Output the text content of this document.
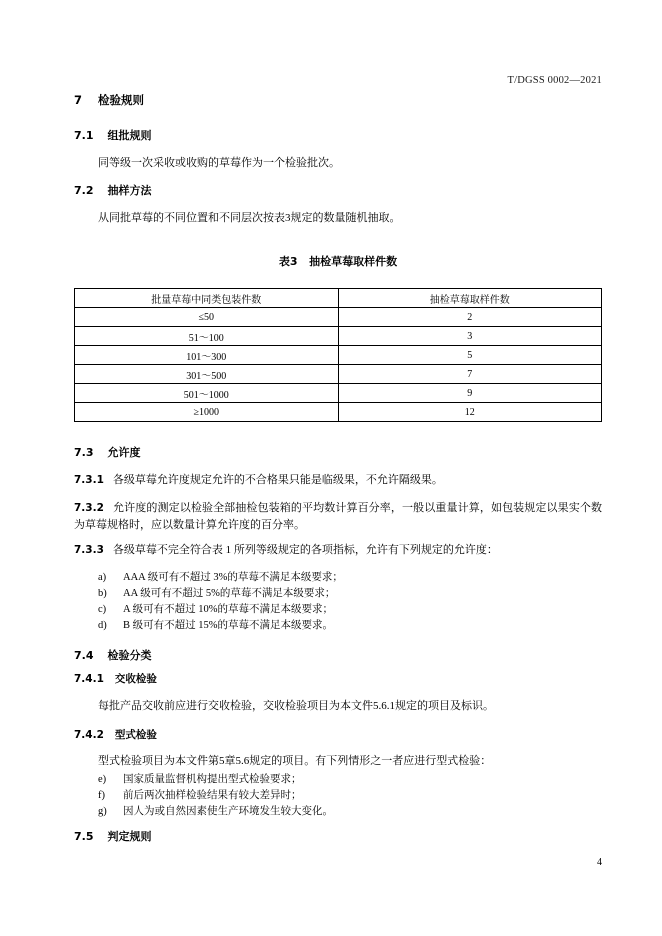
T/DGSS 0002—2021
7 检验规则
7.1 组批规则

同等级一次采收或收购的草莓作为一个检验批次。

7.2 抽样方法

从同批草莓的不同位置和不同层次按表3规定的数量随机抽取。

表3   抽检草莓取样件数
批量草莓中同类包装件数	抽检草莓取样件数
≤50	2
51～100	3
101～300	5
301～500	7
501～1000	9
≥1000	12
7.3 允许度

7.3.1 各级草莓允许度规定允许的不合格果只能是临级果，不允许隔级果。

7.3.2 允许度的测定以检验全部抽检包装箱的平均数计算百分率，一般以重量计算，如包装规定以果实个数为草莓规格时，应以数量计算允许度的百分率。

7.3.3 各级草莓不完全符合表 1 所列等级规定的各项指标，允许有下列规定的允许度：

a)	AAA 级可有不超过 3%的草莓不满足本级要求；
b)	AA 级可有不超过 5%的草莓不满足本级要求；
c)	A 级可有不超过 10%的草莓不满足本级要求；
d)	B 级可有不超过 15%的草莓不满足本级要求。
7.4 检验分类
7.4.1 交收检验

每批产品交收前应进行交收检验，交收检验项目为本文件5.6.1规定的项目及标识。

7.4.2 型式检验

型式检验项目为本文件第5章5.6规定的项目。有下列情形之一者应进行型式检验：

e)	国家质量监督机构提出型式检验要求；
f)	前后两次抽样检验结果有较大差异时；
g)	因人为或自然因素使生产环境发生较大变化。
7.5 判定规则
4
